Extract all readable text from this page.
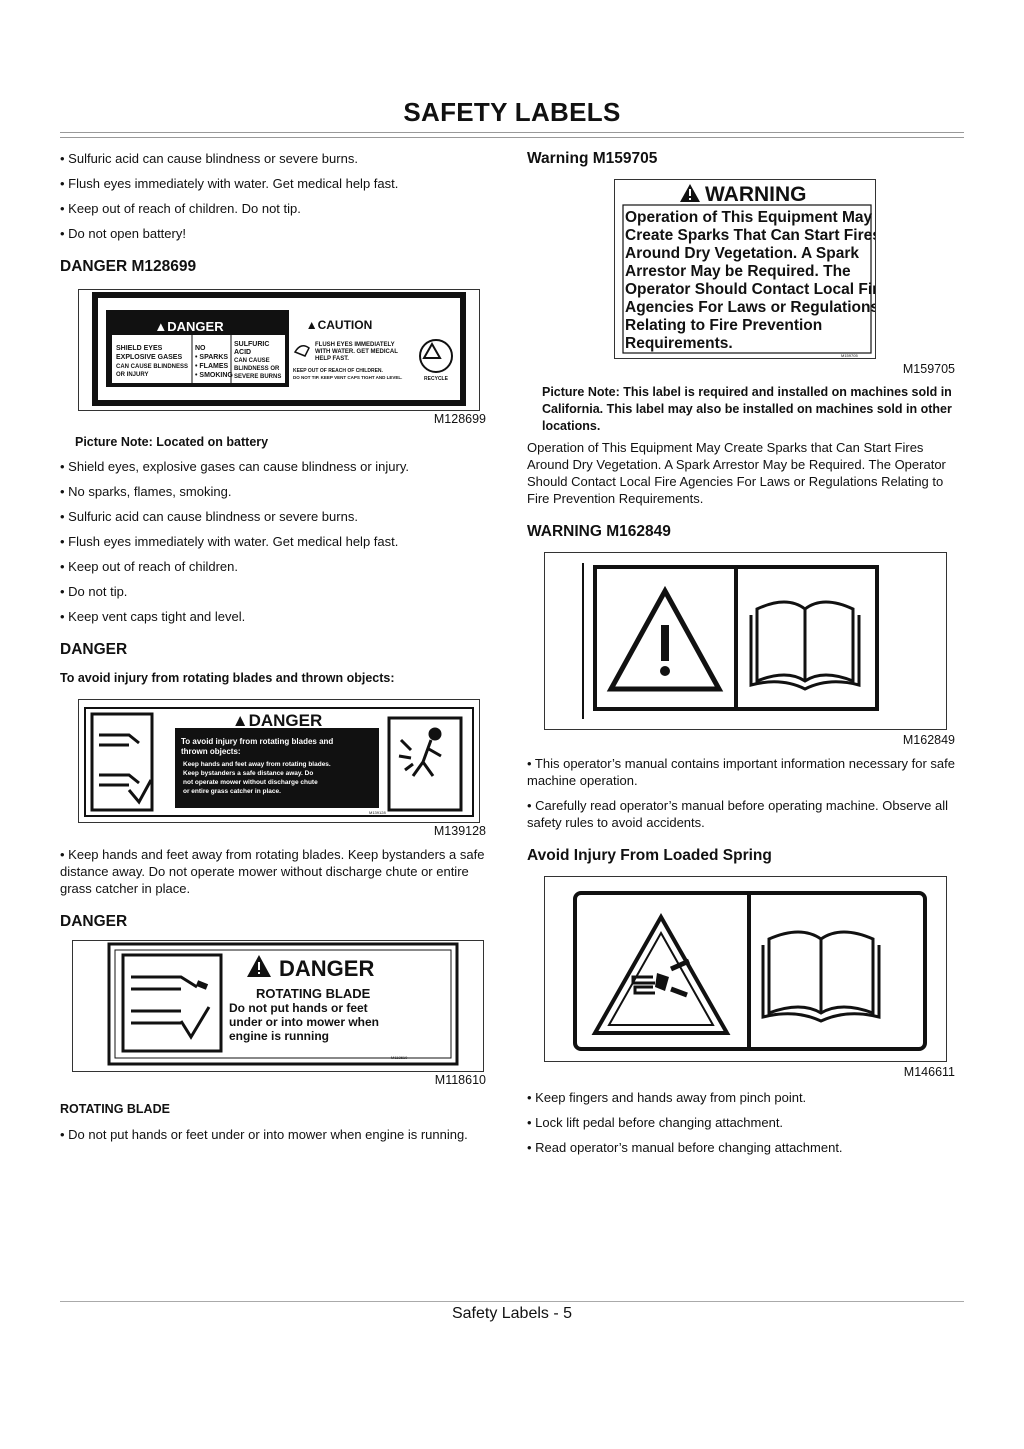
SAFETY LABELS

• Sulfuric acid can cause blindness or severe burns.

• Flush eyes immediately with water. Get medical help fast.

• Keep out of reach of children. Do not tip.

• Do not open battery!

DANGER M128699

▲DANGER	▲CAUTION
SHIELD EYES
EXPLOSIVE GASES
CAN CAUSE BLINDNESS
OR INJURY
NO
• SPARKS
• FLAMES
• SMOKING
SULFURIC
ACID
CAN CAUSE
BLINDNESS OR
SEVERE BURNS
FLUSH EYES IMMEDIATELY
WITH WATER. GET MEDICAL
HELP FAST.
KEEP OUT OF REACH OF CHILDREN.
DO NOT TIP. KEEP VENT CAPS TIGHT AND LEVEL.	RECYCLE

M128699

Picture Note: Located on battery

• Shield eyes, explosive gases can cause blindness or injury.

• No sparks, flames, smoking.

• Sulfuric acid can cause blindness or severe burns.

• Flush eyes immediately with water. Get medical help fast.

• Keep out of reach of children.

• Do not tip.

• Keep vent caps tight and level.

DANGER

To avoid injury from rotating blades and thrown objects:

▲DANGER
To avoid injury from rotating blades and
thrown objects:
Keep hands and feet away from rotating blades.
Keep bystanders a safe distance away. Do
not operate mower without discharge chute
or entire grass catcher in place.
M139128

M139128

• Keep hands and feet away from rotating blades. Keep bystanders a safe distance away. Do not operate mower without discharge chute or entire grass catcher in place.

DANGER

DANGER
ROTATING BLADE
Do not put hands or feet
under or into mower when
engine is running
M118610

M118610

ROTATING BLADE

• Do not put hands or feet under or into mower when engine is running.

Warning M159705

WARNING
Operation of This Equipment May
Create Sparks That Can Start Fires
Around Dry Vegetation. A Spark
Arrestor May be Required. The
Operator Should Contact Local Fire
Agencies For Laws or Regulations
Relating to Fire Prevention
Requirements.
M159705

M159705

Picture Note: This label is required and installed on machines sold in California. This label may also be installed on machines sold in other locations.

Operation of This Equipment May Create Sparks that Can Start Fires Around Dry Vegetation. A Spark Arrestor May be Required. The Operator Should Contact Local Fire Agencies For Laws or Regulations Relating to Fire Prevention Requirements.

WARNING M162849

M162849

• This operator’s manual contains important information necessary for safe machine operation.

• Carefully read operator’s manual before operating machine. Observe all safety rules to avoid accidents.

Avoid Injury From Loaded Spring

M146611

• Keep fingers and hands away from pinch point.

• Lock lift pedal before changing attachment.

• Read operator’s manual before changing attachment.

Safety Labels - 5
